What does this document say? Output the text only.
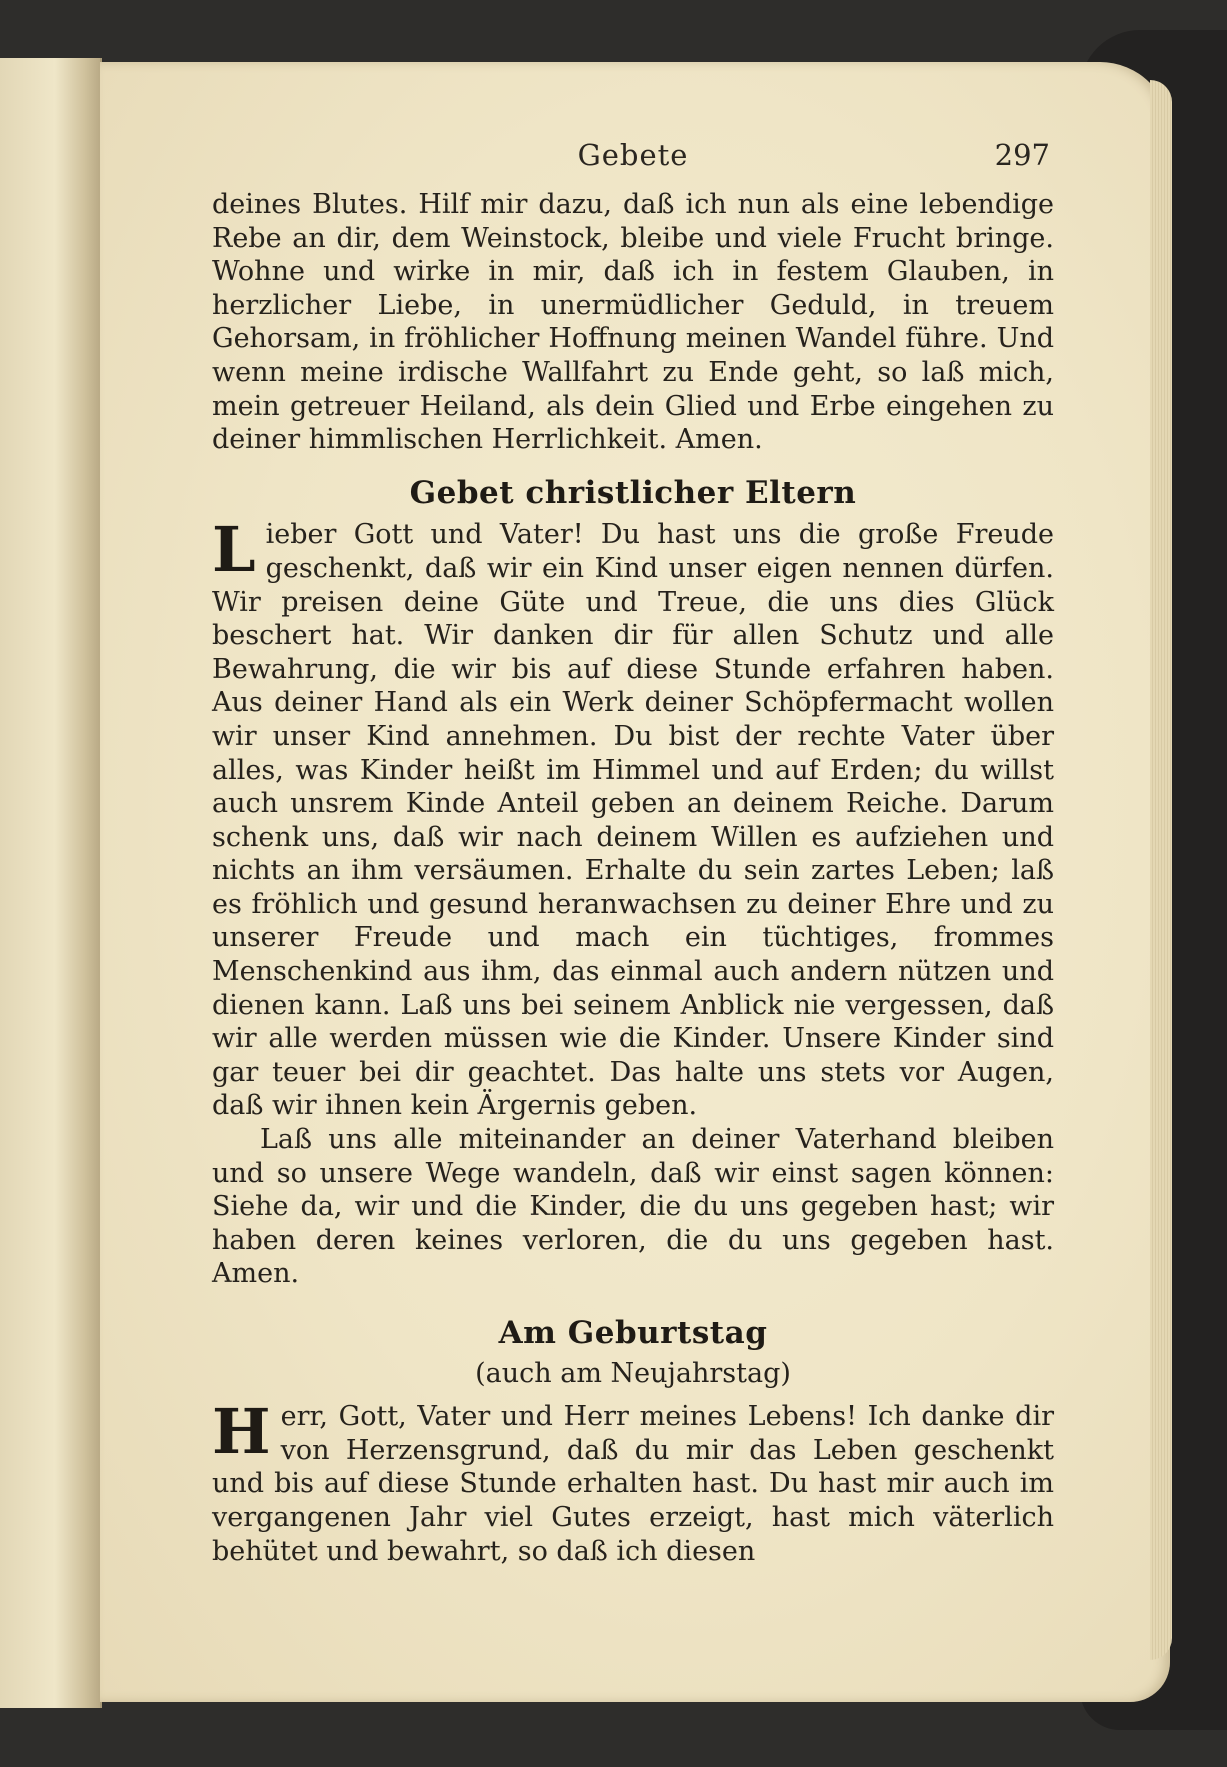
Gebete	297

deines Blutes. Hilf mir dazu, daß ich nun als eine lebendige Rebe an dir, dem Weinstock, bleibe und viele Frucht bringe. Wohne und wirke in mir, daß ich in festem Glauben, in herzlicher Liebe, in unermüdlicher Geduld, in treuem Gehorsam, in fröhlicher Hoffnung meinen Wandel führe. Und wenn meine irdische Wallfahrt zu Ende geht, so laß mich, mein getreuer Heiland, als dein Glied und Erbe eingehen zu deiner himmlischen Herrlichkeit. Amen.

Gebet christlicher Eltern

Lieber Gott und Vater! Du hast uns die große Freude geschenkt, daß wir ein Kind unser eigen nennen dürfen. Wir preisen deine Güte und Treue, die uns dies Glück beschert hat. Wir danken dir für allen Schutz und alle Bewahrung, die wir bis auf diese Stunde erfahren haben. Aus deiner Hand als ein Werk deiner Schöpfermacht wollen wir unser Kind annehmen. Du bist der rechte Vater über alles, was Kinder heißt im Himmel und auf Erden; du willst auch unsrem Kinde Anteil geben an deinem Reiche. Darum schenk uns, daß wir nach deinem Willen es aufziehen und nichts an ihm versäumen. Erhalte du sein zartes Leben; laß es fröhlich und gesund heranwachsen zu deiner Ehre und zu unserer Freude und mach ein tüchtiges, frommes Menschenkind aus ihm, das einmal auch andern nützen und dienen kann. Laß uns bei seinem Anblick nie vergessen, daß wir alle werden müssen wie die Kinder. Unsere Kinder sind gar teuer bei dir geachtet. Das halte uns stets vor Augen, daß wir ihnen kein Ärgernis geben.

Laß uns alle miteinander an deiner Vaterhand bleiben und so unsere Wege wandeln, daß wir einst sagen können: Siehe da, wir und die Kinder, die du uns gegeben hast; wir haben deren keines verloren, die du uns gegeben hast. Amen.

Am Geburtstag
(auch am Neujahrstag)

Herr, Gott, Vater und Herr meines Lebens! Ich danke dir von Herzensgrund, daß du mir das Leben geschenkt und bis auf diese Stunde erhalten hast. Du hast mir auch im vergangenen Jahr viel Gutes erzeigt, hast mich väterlich behütet und bewahrt, so daß ich diesen
